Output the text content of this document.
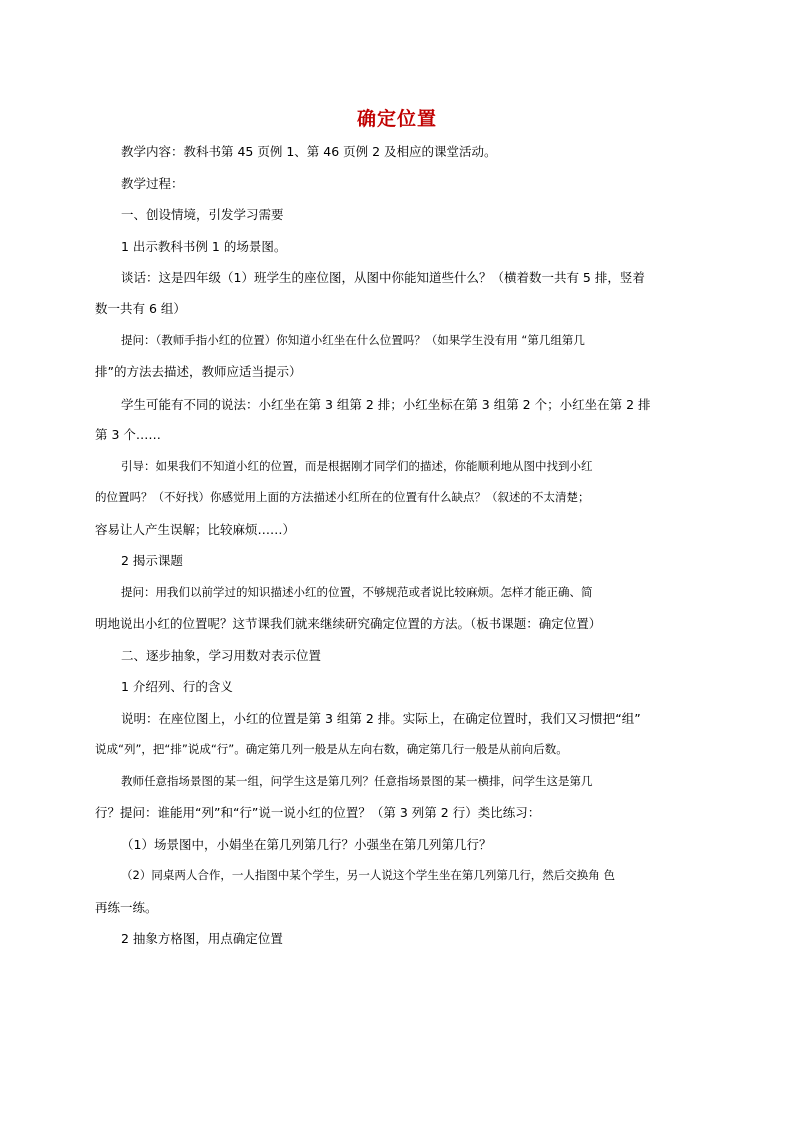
确定位置
教学内容：教科书第 45 页例 1、第 46 页例 2 及相应的课堂活动。
教学过程：
一、创设情境，引发学习需要
1 出示教科书例 1 的场景图。
谈话：这是四年级（1）班学生的座位图，从图中你能知道些什么？（横着数一共有 5 排，竖着
数一共有 6 组）
提问：（教师手指小红的位置）你知道小红坐在什么位置吗？（如果学生没有用 “第几组第几
排”的方法去描述，教师应适当提示）
学生可能有不同的说法：小红坐在第 3 组第 2 排；小红坐标在第 3 组第 2 个；小红坐在第 2 排
第 3 个……
引导：如果我们不知道小红的位置，而是根据刚才同学们的描述，你能顺利地从图中找到小红
的位置吗？（不好找）你感觉用上面的方法描述小红所在的位置有什么缺点？（叙述的不太清楚；
容易让人产生误解；比较麻烦……）
2 揭示课题
提问：用我们以前学过的知识描述小红的位置，不够规范或者说比较麻烦。怎样才能正确、简
明地说出小红的位置呢？这节课我们就来继续研究确定位置的方法。（板书课题：确定位置）
二、逐步抽象，学习用数对表示位置
1 介绍列、行的含义
说明：在座位图上，小红的位置是第 3 组第 2 排。实际上，在确定位置时，我们又习惯把“组”
说成“列”，把“排”说成“行”。确定第几列一般是从左向右数，确定第几行一般是从前向后数。
教师任意指场景图的某一组，问学生这是第几列？任意指场景图的某一横排，问学生这是第几
行？提问：谁能用“列”和“行”说一说小红的位置？（第 3 列第 2 行）类比练习：
（1）场景图中，小娟坐在第几列第几行？小强坐在第几列第几行？
（2）同桌两人合作，一人指图中某个学生，另一人说这个学生坐在第几列第几行，然后交换角 色
再练一练。
2 抽象方格图，用点确定位置
